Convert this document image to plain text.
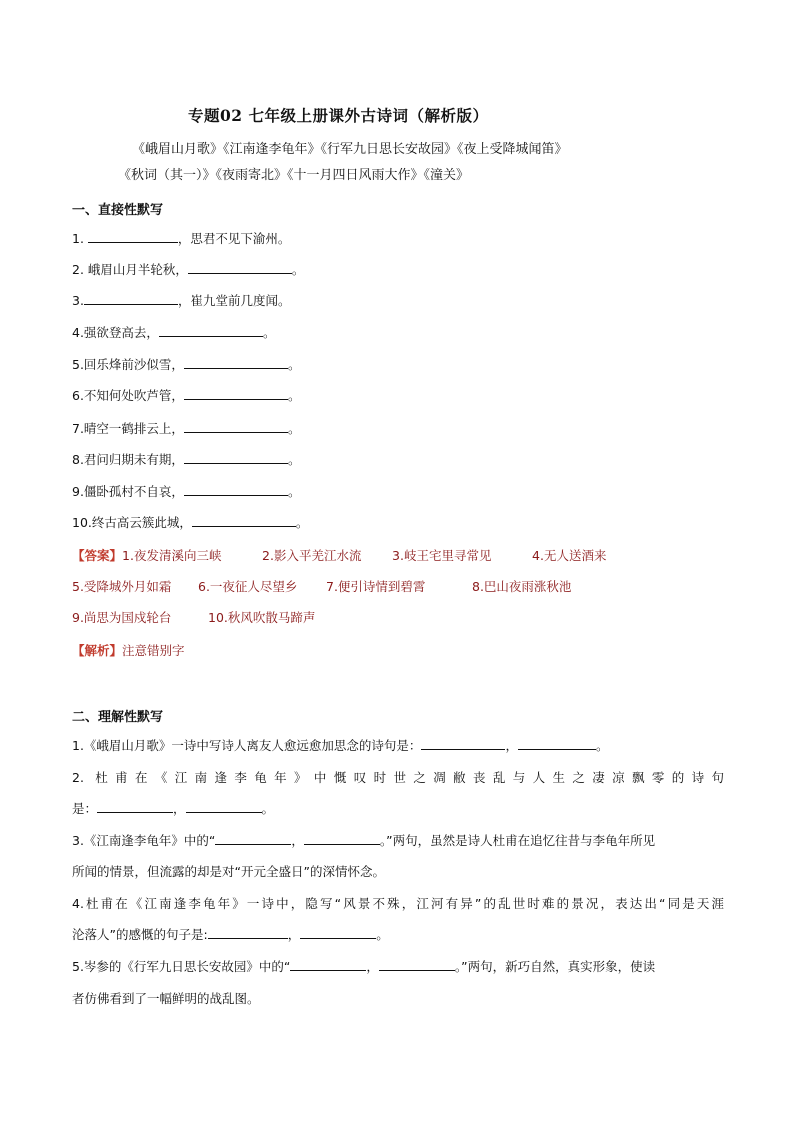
专题02 七年级上册课外古诗词（解析版）
《峨眉山月歌》《江南逢李龟年》《行军九日思长安故园》《夜上受降城闻笛》
《秋词（其一）》《夜雨寄北》《十一月四日风雨大作》《潼关》
一、直接性默写
1.	，思君不见下渝州。
2. 峨眉山月半轮秋，	。
3.	，崔九堂前几度闻。
4.强欲登高去，	。
5.回乐烽前沙似雪，	。
6.不知何处吹芦管，	。
7.晴空一鹤排云上，	。
8.君问归期未有期，	。
9.僵卧孤村不自哀，	。
10.终古高云簇此城，	。
【答案】1.夜发清溪向三峡	2.影入平羌江水流 3.岐王宅里寻常见	4.无人送酒来
5.受降城外月如霜 6.一夜征人尽望乡 7.便引诗情到碧霄	8.巴山夜雨涨秋池
9.尚思为国戍轮台	10.秋风吹散马蹄声
【解析】注意错别字
二、理解性默写
1.《峨眉山月歌》一诗中写诗人离友人愈远愈加思念的诗句是：	，	。
2. 杜甫在《江南逢李龟年》中慨叹时世之凋敝丧乱与人生之凄凉飘零的诗句
是：	，	。
3.《江南逢李龟年》中的“	，	。”两句，虽然是诗人杜甫在追忆往昔与李龟年所见
所闻的情景，但流露的却是对“开元全盛日”的深情怀念。
4.杜甫在《江南逢李龟年》一诗中，隐写“风景不殊，江河有异”的乱世时难的景况，表达出“同是天涯
沦落人”的感慨的句子是:	，	。
5.岑参的《行军九日思长安故园》中的“	，	。”两句，新巧自然，真实形象，使读
者仿佛看到了一幅鲜明的战乱图。
